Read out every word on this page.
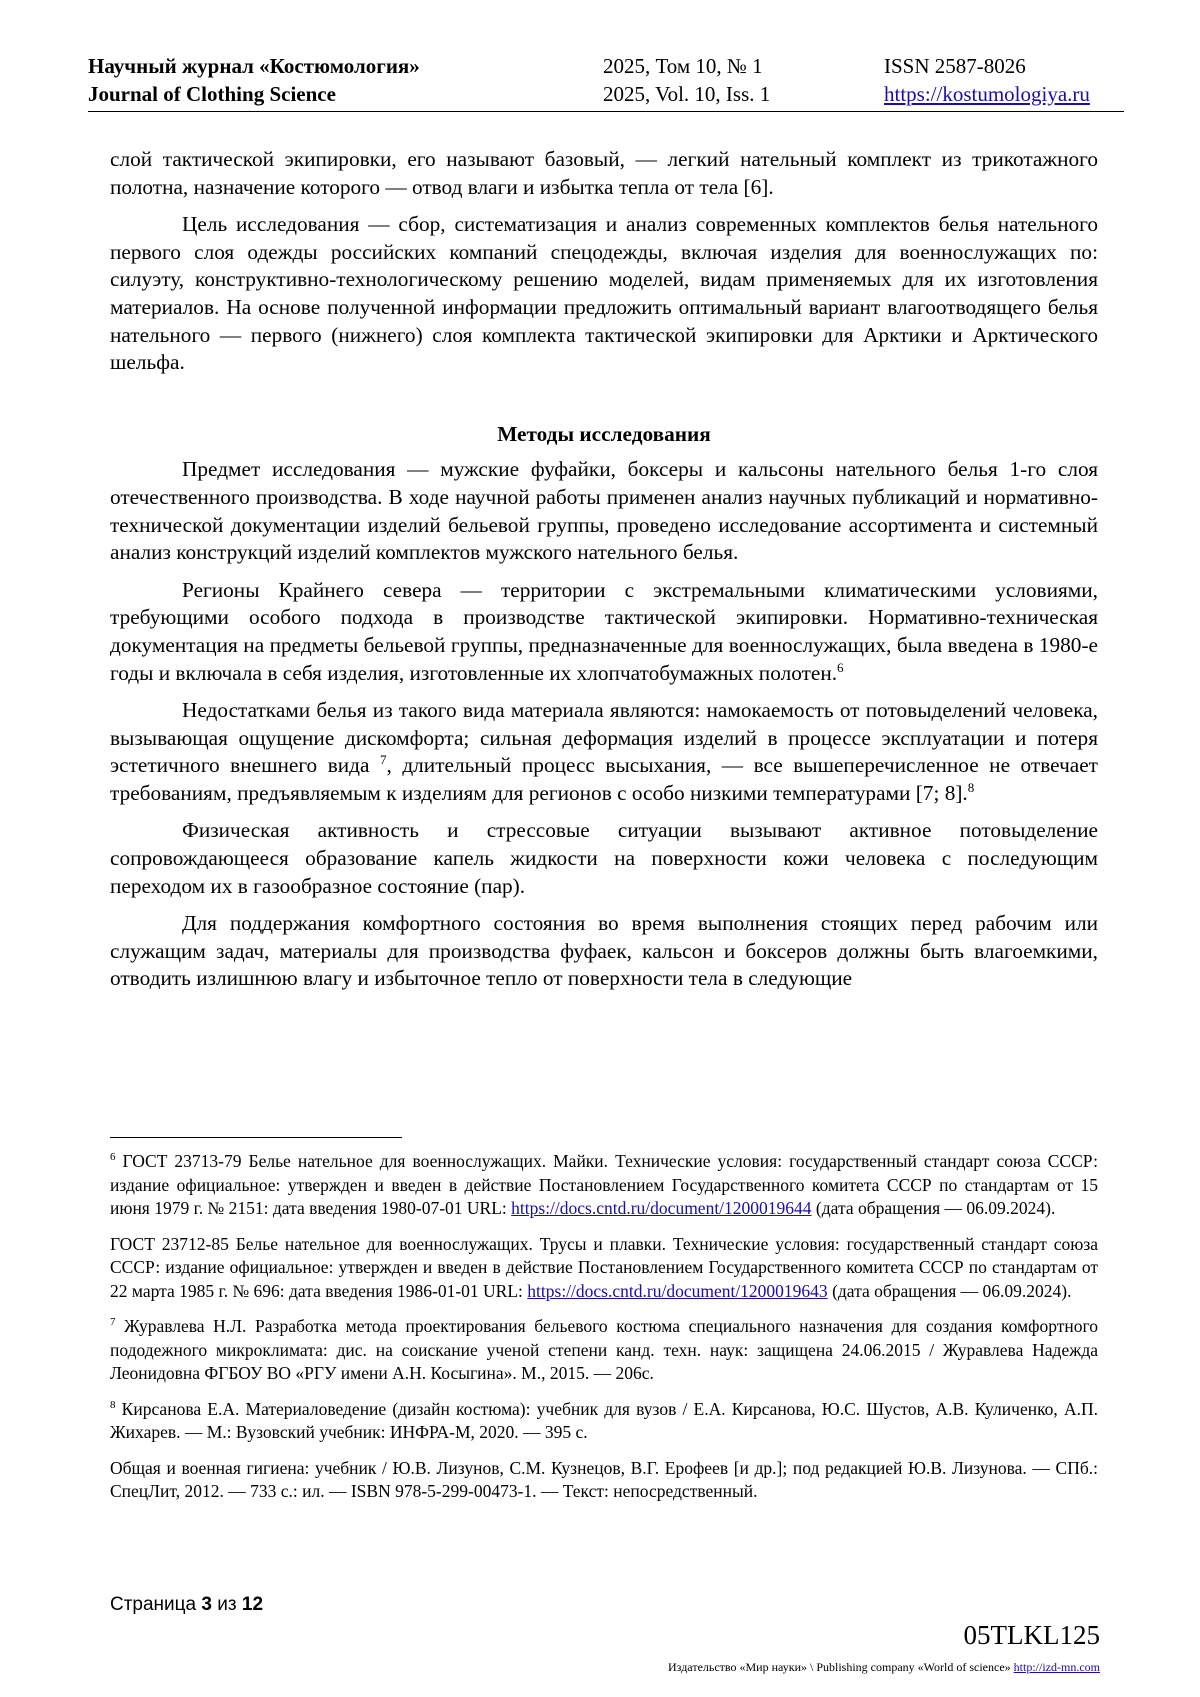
Научный журнал «Костюмология»
Journal of Clothing Science
2025, Том 10, № 1
2025, Vol. 10, Iss. 1
ISSN 2587-8026
https://kostumologiya.ru

слой тактической экипировки, его называют базовый, — легкий нательный комплект из трикотажного полотна, назначение которого — отвод влаги и избытка тепла от тела [6].

Цель исследования — сбор, систематизация и анализ современных комплектов белья нательного первого слоя одежды российских компаний спецодежды, включая изделия для военнослужащих по: силуэту, конструктивно-технологическому решению моделей, видам применяемых для их изготовления материалов. На основе полученной информации предложить оптимальный вариант влагоотводящего белья нательного — первого (нижнего) слоя комплекта тактической экипировки для Арктики и Арктического шельфа.

Методы исследования

Предмет исследования — мужские фуфайки, боксеры и кальсоны нательного белья 1-го слоя отечественного производства. В ходе научной работы применен анализ научных публикаций и нормативно-технической документации изделий бельевой группы, проведено исследование ассортимента и системный анализ конструкций изделий комплектов мужского нательного белья.

Регионы Крайнего севера — территории с экстремальными климатическими условиями, требующими особого подхода в производстве тактической экипировки. Нормативно-техническая документация на предметы бельевой группы, предназначенные для военнослужащих, была введена в 1980-е годы и включала в себя изделия, изготовленные их хлопчатобумажных полотен.$^6$

Недостатками белья из такого вида материала являются: намокаемость от потовыделений человека, вызывающая ощущение дискомфорта; сильная деформация изделий в процессе эксплуатации и потеря эстетичного внешнего вида $^7$, длительный процесс высыхания, — все вышеперечисленное не отвечает требованиям, предъявляемым к изделиям для регионов с особо низкими температурами [7; 8].$^8$

Физическая активность и стрессовые ситуации вызывают активное потовыделение сопровождающееся образование капель жидкости на поверхности кожи человека с последующим переходом их в газообразное состояние (пар).

Для поддержания комфортного состояния во время выполнения стоящих перед рабочим или служащим задач, материалы для производства фуфаек, кальсон и боксеров должны быть влагоемкими, отводить излишнюю влагу и избыточное тепло от поверхности тела в следующие

$^6$ ГОСТ 23713-79 Белье нательное для военнослужащих. Майки. Технические условия: государственный стандарт союза СССР: издание официальное: утвержден и введен в действие Постановлением Государственного комитета СССР по стандартам от 15 июня 1979 г. № 2151: дата введения 1980-07-01 URL: https://docs.cntd.ru/document/1200019644 (дата обращения — 06.09.2024).

ГОСТ 23712-85 Белье нательное для военнослужащих. Трусы и плавки. Технические условия: государственный стандарт союза СССР: издание официальное: утвержден и введен в действие Постановлением Государственного комитета СССР по стандартам от 22 марта 1985 г. № 696: дата введения 1986-01-01 URL: https://docs.cntd.ru/document/1200019643 (дата обращения — 06.09.2024).

$^7$ Журавлева Н.Л. Разработка метода проектирования бельевого костюма специального назначения для создания комфортного пододежного микроклимата: дис. на соискание ученой степени канд. техн. наук: защищена 24.06.2015 / Журавлева Надежда Леонидовна ФГБОУ ВО «РГУ имени А.Н. Косыгина». М., 2015. — 206с.

$^8$ Кирсанова Е.А. Материаловедение (дизайн костюма): учебник для вузов / Е.А. Кирсанова, Ю.С. Шустов, А.В. Куличенко, А.П. Жихарев. — М.: Вузовский учебник: ИНФРА-М, 2020. — 395 с.

Общая и военная гигиена: учебник / Ю.В. Лизунов, С.М. Кузнецов, В.Г. Ерофеев [и др.]; под редакцией Ю.В. Лизунова. — СПб.: СпецЛит, 2012. — 733 с.: ил. — ISBN 978-5-299-00473-1. — Текст: непосредственный.

Страница 3 из 12
05TLKL125
Издательство «Мир науки» \ Publishing company «World of science» http://izd-mn.com
